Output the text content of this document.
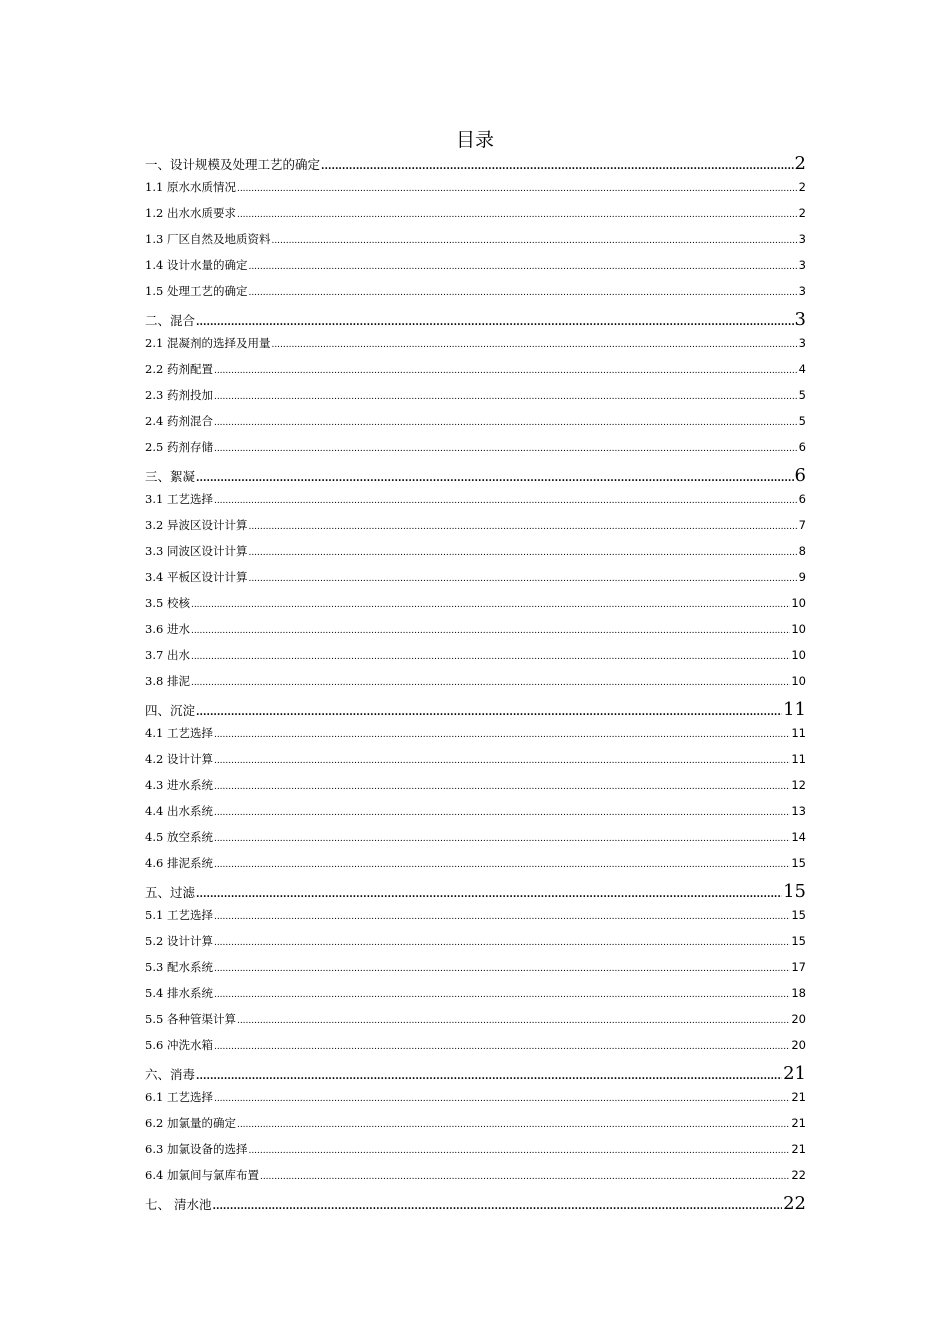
目录
一、设计规模及处理工艺的确定 .....	2
1.1 原水水质情况 .....	2
1.2 出水水质要求 .....	2
1.3 厂区自然及地质资料 .....	3
1.4 设计水量的确定 .....	3
1.5 处理工艺的确定 .....	3
二、混合 .....	3
2.1 混凝剂的选择及用量 .....	3
2.2 药剂配置 .....	4
2.3 药剂投加 .....	5
2.4 药剂混合 .....	5
2.5 药剂存储 .....	6
三、絮凝 .....	6
3.1 工艺选择 .....	6
3.2 异波区设计计算 .....	7
3.3 同波区设计计算 .....	8
3.4 平板区设计计算 .....	9
3.5 校核 .....	10
3.6 进水 .....	10
3.7 出水 .....	10
3.8 排泥 .....	10
四、沉淀 .....	11
4.1 工艺选择 .....	11
4.2 设计计算 .....	11
4.3 进水系统 .....	12
4.4 出水系统 .....	13
4.5 放空系统 .....	14
4.6 排泥系统 .....	15
五、过滤 .....	15
5.1 工艺选择 .....	15
5.2 设计计算 .....	15
5.3 配水系统 .....	17
5.4 排水系统 .....	18
5.5 各种管渠计算 .....	20
5.6 冲洗水箱 .....	20
六、消毒 .....	21
6.1 工艺选择 .....	21
6.2 加氯量的确定 .....	21
6.3 加氯设备的选择 .....	21
6.4 加氯间与氯库布置 .....	22
七、 清水池 .....	22
